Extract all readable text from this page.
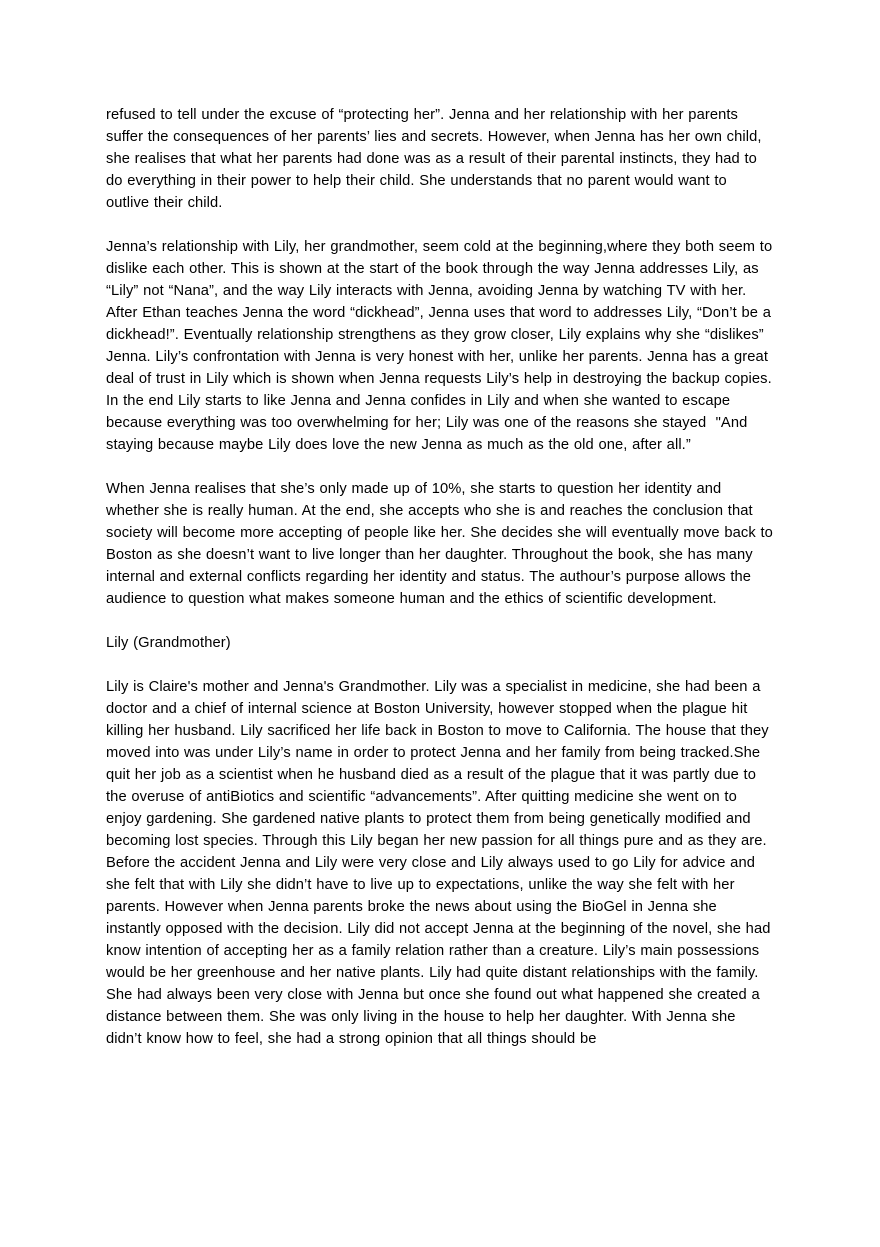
refused to tell under the excuse of “protecting her”. Jenna and her relationship with her parents suffer the consequences of her parents’ lies and secrets. However, when Jenna has her own child, she realises that what her parents had done was as a result of their parental instincts, they had to do everything in their power to help their child. She understands that no parent would want to outlive their child.

Jenna’s relationship with Lily, her grandmother, seem cold at the beginning,where they both seem to dislike each other. This is shown at the start of the book through the way Jenna addresses Lily, as “Lily” not “Nana”, and the way Lily interacts with Jenna, avoiding Jenna by watching TV with her. After Ethan teaches Jenna the word “dickhead”, Jenna uses that word to addresses Lily, “Don’t be a dickhead!”. Eventually relationship strengthens as they grow closer, Lily explains why she “dislikes” Jenna. Lily’s confrontation with Jenna is very honest with her, unlike her parents. Jenna has a great deal of trust in Lily which is shown when Jenna requests Lily’s help in destroying the backup copies. In the end Lily starts to like Jenna and Jenna confides in Lily and when she wanted to escape because everything was too overwhelming for her; Lily was one of the reasons she stayed  "And staying because maybe Lily does love the new Jenna as much as the old one, after all.”

When Jenna realises that she’s only made up of 10%, she starts to question her identity and whether she is really human. At the end, she accepts who she is and reaches the conclusion that society will become more accepting of people like her. She decides she will eventually move back to Boston as she doesn’t want to live longer than her daughter. Throughout the book, she has many internal and external conflicts regarding her identity and status. The authour’s purpose allows the audience to question what makes someone human and the ethics of scientific development.

Lily (Grandmother)

Lily is Claire's mother and Jenna's Grandmother. Lily was a specialist in medicine, she had been a doctor and a chief of internal science at Boston University, however stopped when the plague hit killing her husband. Lily sacrificed her life back in Boston to move to California. The house that they moved into was under Lily’s name in order to protect Jenna and her family from being tracked.She quit her job as a scientist when he husband died as a result of the plague that it was partly due to the overuse of antiBiotics and scientific “advancements”. After quitting medicine she went on to enjoy gardening. She gardened native plants to protect them from being genetically modified and becoming lost species. Through this Lily began her new passion for all things pure and as they are.  Before the accident Jenna and Lily were very close and Lily always used to go Lily for advice and she felt that with Lily she didn’t have to live up to expectations, unlike the way she felt with her parents. However when Jenna parents broke the news about using the BioGel in Jenna she instantly opposed with the decision. Lily did not accept Jenna at the beginning of the novel, she had know intention of accepting her as a family relation rather than a creature. Lily’s main possessions would be her greenhouse and her native plants. Lily had quite distant relationships with the family. She had always been very close with Jenna but once she found out what happened she created a distance between them. She was only living in the house to help her daughter. With Jenna she didn’t know how to feel, she had a strong opinion that all things should be
